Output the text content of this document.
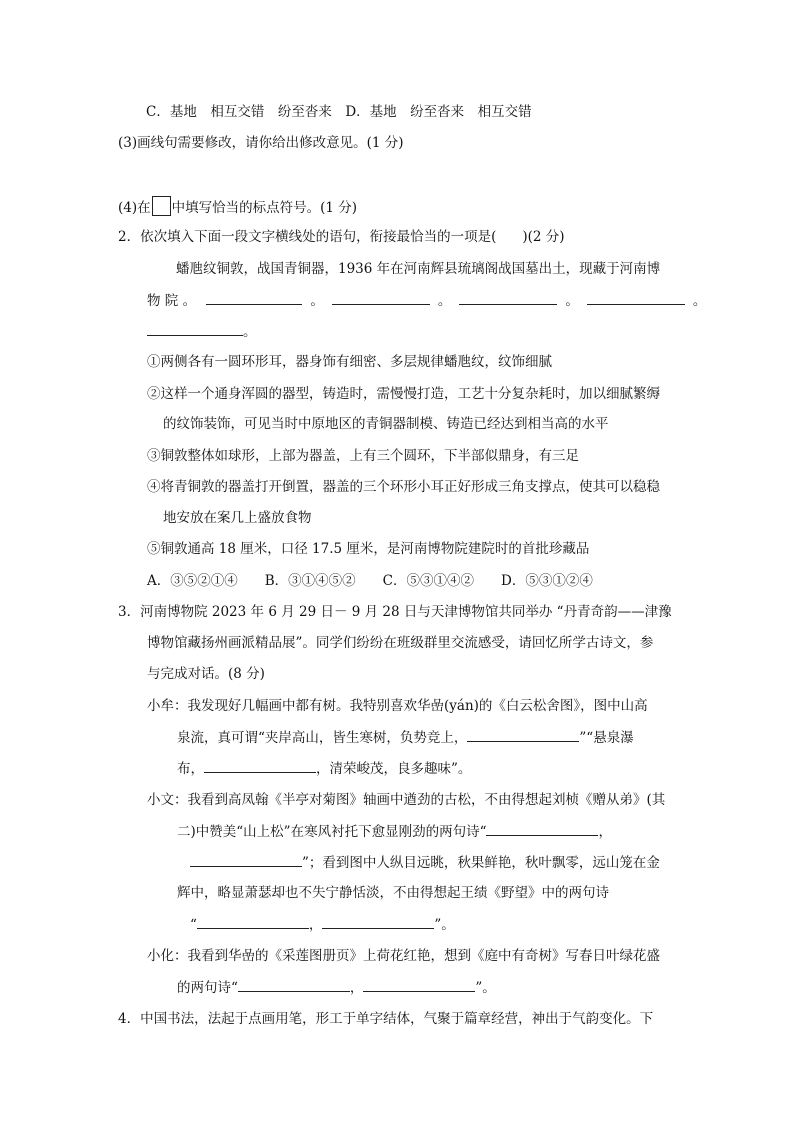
C．基地　相互交错　纷至沓来　D．基地　纷至沓来　相互交错
(3)画线句需要修改，请你给出修改意见。(1 分)
(4)在 中填写恰当的标点符号。(1 分)
2．依次填入下面一段文字横线处的语句，衔接最恰当的一项是( )(2 分)
蟠虺纹铜敦，战国青铜器，1936 年在河南辉县琉璃阁战国墓出土，现藏于河南博
物 院 。	。	。	。	。
。
①两侧各有一圆环形耳，器身饰有细密、多层规律蟠虺纹，纹饰细腻
②这样一个通身浑圆的器型，铸造时，需慢慢打造，工艺十分复杂耗时，加以细腻繁缛
的纹饰装饰，可见当时中原地区的青铜器制模、铸造已经达到相当高的水平
③铜敦整体如球形，上部为器盖，上有三个圆环，下半部似鼎身，有三足
④将青铜敦的器盖打开倒置，器盖的三个环形小耳正好形成三角支撑点，使其可以稳稳
地安放在案几上盛放食物
⑤铜敦通高 18 厘米，口径 17.5 厘米，是河南博物院建院时的首批珍藏品
A．③⑤②①④　　B．③①④⑤②　　C．⑤③①④②　　D．⑤③①②④
3．河南博物院 2023 年 6 月 29 日－ 9 月 28 日与天津博物馆共同举办 “丹青奇韵——津豫
博物馆藏扬州画派精品展”。同学们纷纷在班级群里交流感受，请回忆所学古诗文，参
与完成对话。(8 分)
小牟：我发现好几幅画中都有树。我特别喜欢华嵒(yán)的《白云松舍图》，图中山高
泉流，真可谓“夹岸高山，皆生寒树，负势竞上，	”“悬泉瀑
布，	，清荣峻茂，良多趣味”。
小文：我看到高凤翰《半亭对菊图》轴画中遒劲的古松，不由得想起刘桢《赠从弟》(其
二)中赞美“山上松”在寒风衬托下愈显刚劲的两句诗“	，
”；看到图中人纵目远眺，秋果鲜艳，秋叶飘零，远山笼在金
辉中，略显萧瑟却也不失宁静恬淡，不由得想起王绩《野望》中的两句诗
“	，	”。
小化：我看到华嵒的《采莲图册页》上荷花红艳，想到《庭中有奇树》写春日叶绿花盛
的两句诗“	，	”。
4．中国书法，法起于点画用笔，形工于单字结体，气聚于篇章经营，神出于气韵变化。下
